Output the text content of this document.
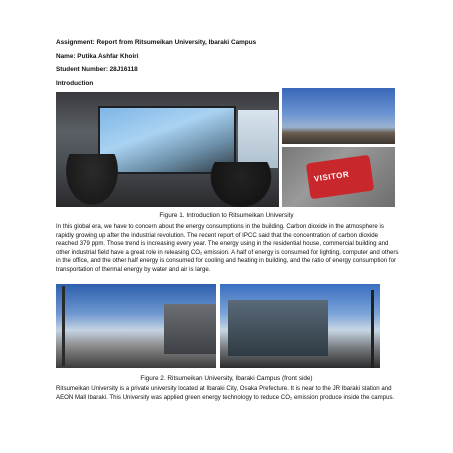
Assignment: Report from Ritsumeikan University, Ibaraki Campus
Name: Putika Ashfar Khoiri
Student Number: 28J16118
Introduction
VISITOR
Figure 1. Introduction to Ritsumeikan University
In this global era, we have to concern about the energy consumptions in the building. Carbon dioxide in the atmosphere is rapidly growing up after the industrial revolution. The recent report of IPCC said that the concentration of carbon dioxide reached 379 ppm. Those trend is increasing every year. The energy using in the residential house, commercial building and other industrial field have a great role in releasing CO₂ emission. A half of energy is consumed for lighting, computer and others in the office, and the other half energy is consumed for cooling and heating in building, and the ratio of energy consumption for transportation of thermal energy by water and air is large.
Figure 2. Ritsumeikan University, Ibaraki Campus (front side)
Ritsumeikan University is a private university located at Ibaraki City, Osaka Prefecture. It is near to the JR Ibaraki station and AEON Mall Ibaraki. This University was applied green energy technology to reduce CO₂ emission produce inside the campus.
